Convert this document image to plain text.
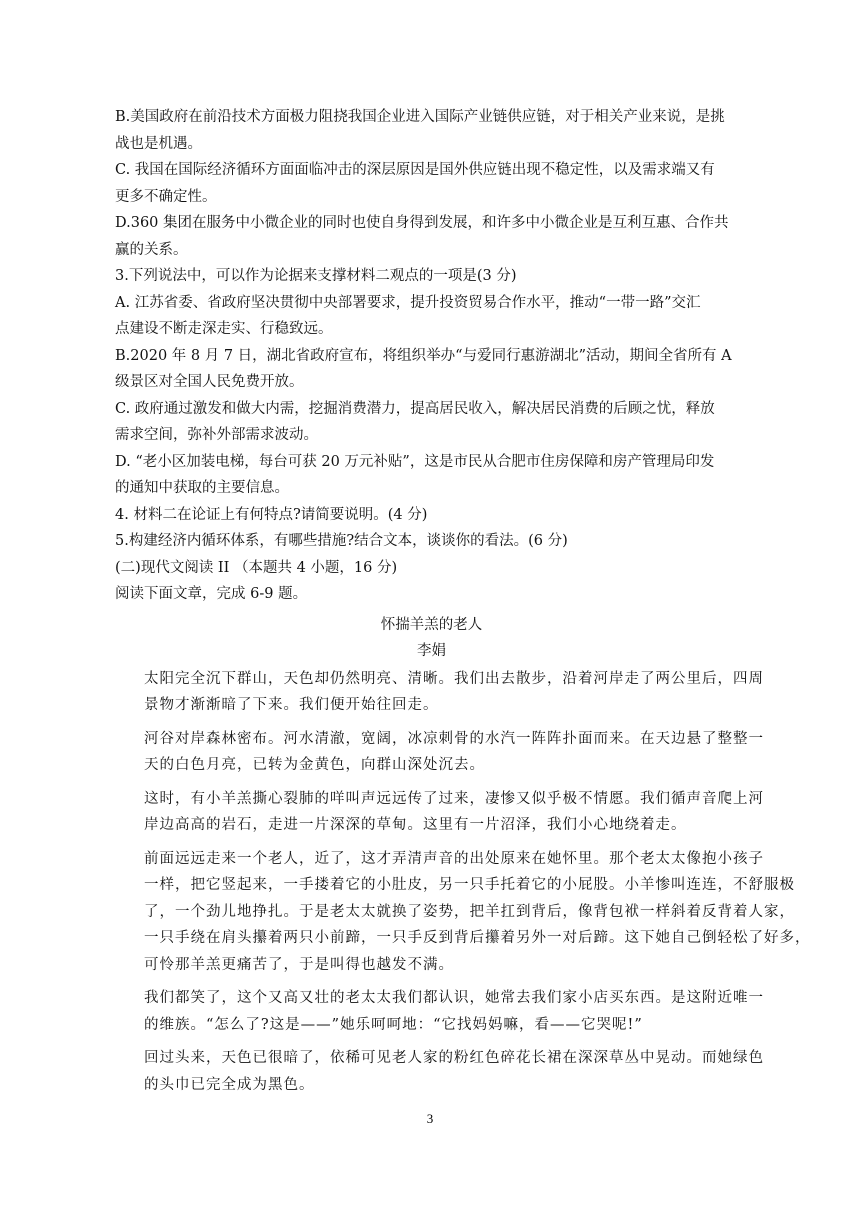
B.美国政府在前沿技术方面极力阻挠我国企业进入国际产业链供应链，对于相关产业来说，是挑
战也是机遇。

C. 我国在国际经济循环方面面临冲击的深层原因是国外供应链出现不稳定性，以及需求端又有
更多不确定性。

D.360 集团在服务中小微企业的同时也使自身得到发展，和许多中小微企业是互利互惠、合作共
赢的关系。

3.下列说法中，可以作为论据来支撑材料二观点的一项是(3 分)

A. 江苏省委、省政府坚决贯彻中央部署要求，提升投资贸易合作水平，推动“一带一路”交汇
点建设不断走深走实、行稳致远。

B.2020 年 8 月 7 日，湖北省政府宣布，将组织举办“与爱同行惠游湖北”活动，期间全省所有 A
级景区对全国人民免费开放。

C. 政府通过激发和做大内需，挖掘消费潜力，提高居民收入，解决居民消费的后顾之忧，释放
需求空间，弥补外部需求波动。

D. “老小区加装电梯，每台可获 20 万元补贴”，这是市民从合肥市住房保障和房产管理局印发
的通知中获取的主要信息。

4. 材料二在论证上有何特点?请简要说明。(4 分)

5.构建经济内循环体系，有哪些措施?结合文本，谈谈你的看法。(6 分)

(二)现代文阅读 II （本题共 4 小题，16 分)

阅读下面文章，完成 6-9 题。

怀揣羊羔的老人

李娟

太阳完全沉下群山，天色却仍然明亮、清晰。我们出去散步，沿着河岸走了两公里后，四周
景物才渐渐暗了下来。我们便开始往回走。

河谷对岸森林密布。河水清澈，宽阔，冰凉刺骨的水汽一阵阵扑面而来。在天边悬了整整一
天的白色月亮，已转为金黄色，向群山深处沉去。

这时，有小羊羔撕心裂肺的咩叫声远远传了过来，凄惨又似乎极不情愿。我们循声音爬上河
岸边高高的岩石，走进一片深深的草甸。这里有一片沼泽，我们小心地绕着走。

前面远远走来一个老人，近了，这才弄清声音的出处原来在她怀里。那个老太太像抱小孩子
一样，把它竖起来，一手搂着它的小肚皮，另一只手托着它的小屁股。小羊惨叫连连，不舒服极
了，一个劲儿地挣扎。于是老太太就换了姿势，把羊扛到背后，像背包袱一样斜着反背着人家，
一只手绕在肩头攥着两只小前蹄，一只手反到背后攥着另外一对后蹄。这下她自己倒轻松了好多，
可怜那羊羔更痛苦了，于是叫得也越发不满。

我们都笑了，这个又高又壮的老太太我们都认识，她常去我们家小店买东西。是这附近唯一
的维族。“怎么了?这是——”她乐呵呵地：“它找妈妈嘛，看——它哭呢!”

回过头来，天色已很暗了，依稀可见老人家的粉红色碎花长裙在深深草丛中晃动。而她绿色
的头巾已完全成为黑色。

3
